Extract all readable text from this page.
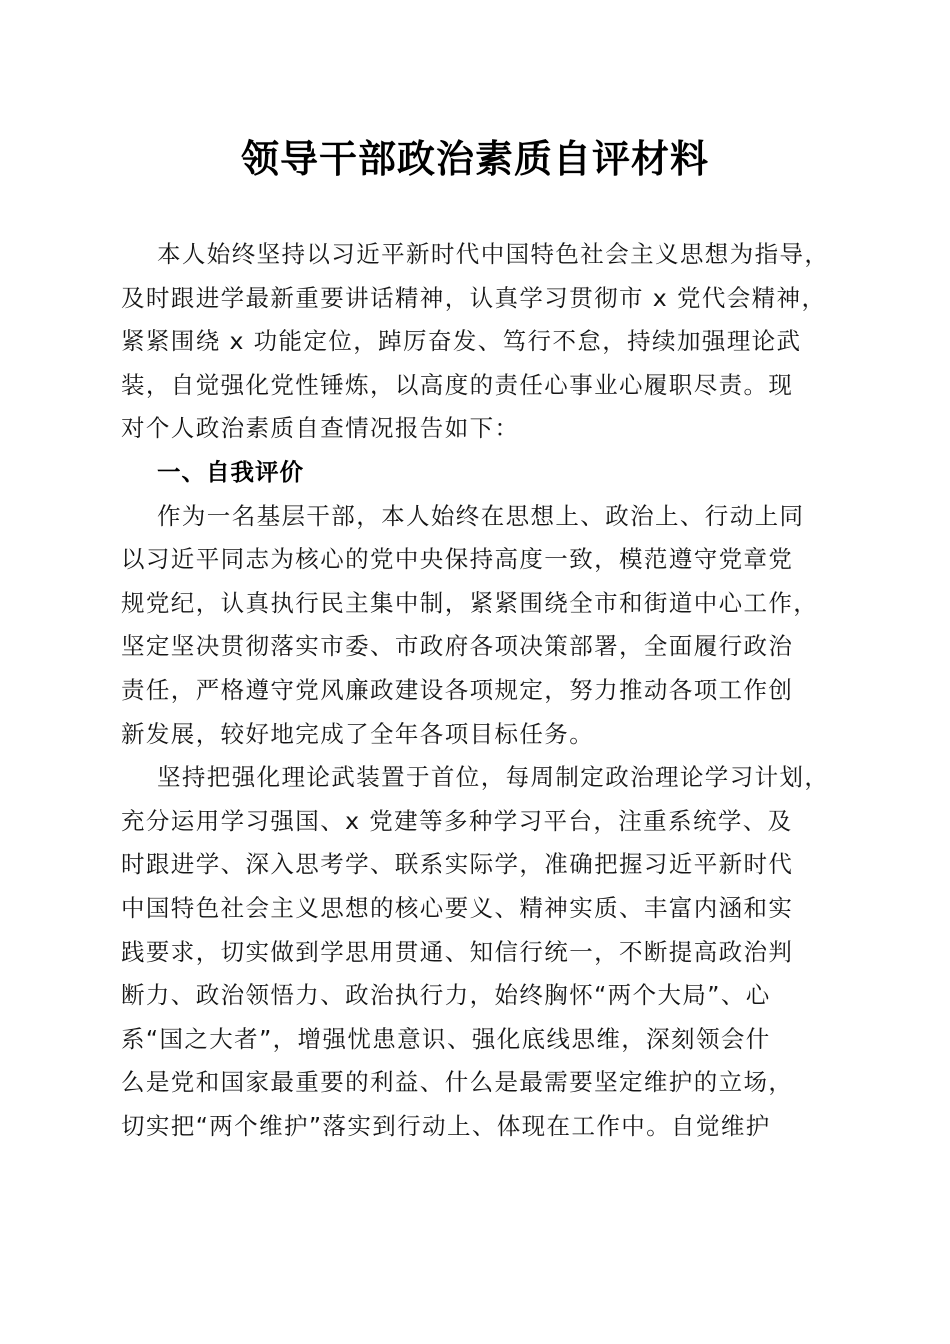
领导干部政治素质自评材料
本人始终坚持以习近平新时代中国特色社会主义思想为指导，
及时跟进学最新重要讲话精神，认真学习贯彻市 x 党代会精神，
紧紧围绕 x 功能定位，踔厉奋发、笃行不怠，持续加强理论武
装，自觉强化党性锤炼，以高度的责任心事业心履职尽责。现
对个人政治素质自查情况报告如下：
一、自我评价
作为一名基层干部，本人始终在思想上、政治上、行动上同
以习近平同志为核心的党中央保持高度一致，模范遵守党章党
规党纪，认真执行民主集中制，紧紧围绕全市和街道中心工作，
坚定坚决贯彻落实市委、市政府各项决策部署，全面履行政治
责任，严格遵守党风廉政建设各项规定，努力推动各项工作创
新发展，较好地完成了全年各项目标任务。
坚持把强化理论武装置于首位，每周制定政治理论学习计划，
充分运用学习强国、x 党建等多种学习平台，注重系统学、及
时跟进学、深入思考学、联系实际学，准确把握习近平新时代
中国特色社会主义思想的核心要义、精神实质、丰富内涵和实
践要求，切实做到学思用贯通、知信行统一，不断提高政治判
断力、政治领悟力、政治执行力，始终胸怀“两个大局”、心
系“国之大者”，增强忧患意识、强化底线思维，深刻领会什
么是党和国家最重要的利益、什么是最需要坚定维护的立场，
切实把“两个维护”落实到行动上、体现在工作中。自觉维护
